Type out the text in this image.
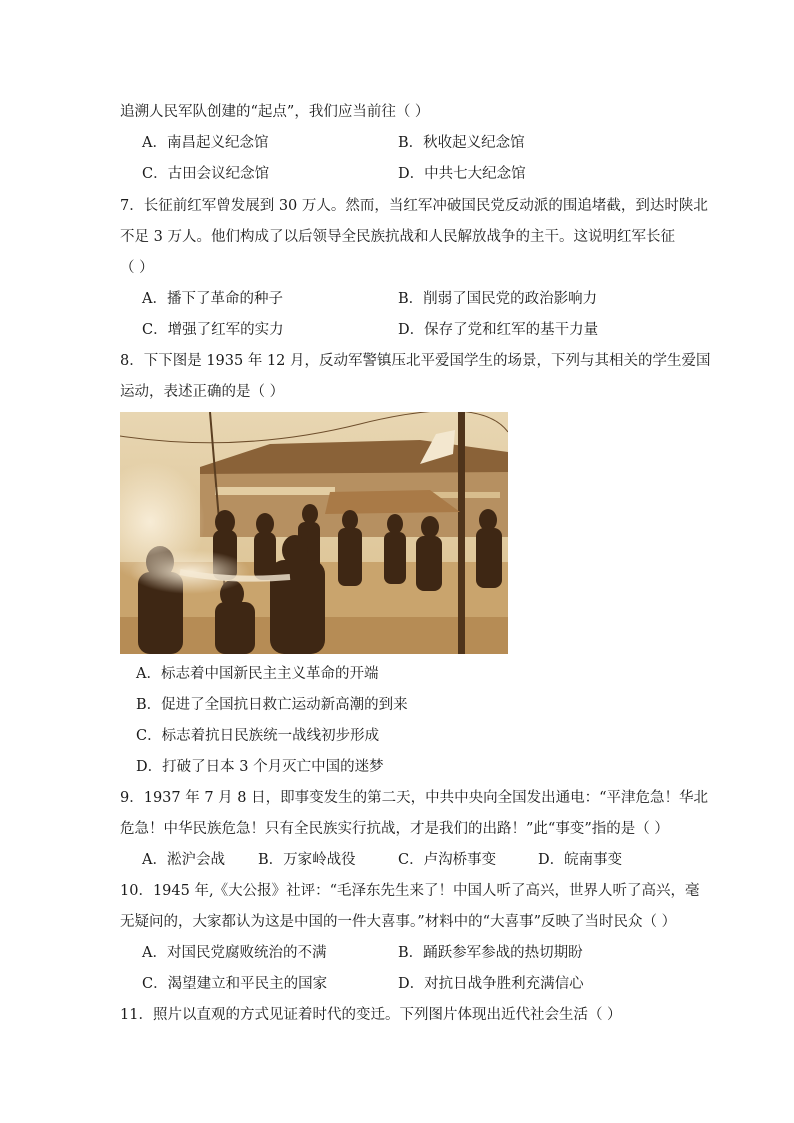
追溯人民军队创建的“起点”，我们应当前往（ ）
A．南昌起义纪念馆	B．秋收起义纪念馆
C．古田会议纪念馆	D．中共七大纪念馆
7．长征前红军曾发展到 30 万人。然而，当红军冲破国民党反动派的围追堵截，到达时陕北
不足 3 万人。他们构成了以后领导全民族抗战和人民解放战争的主干。这说明红军长征
（ ）
A．播下了革命的种子	B．削弱了国民党的政治影响力
C．增强了红军的实力	D．保存了党和红军的基干力量
8．下下图是 1935 年 12 月，反动军警镇压北平爱国学生的场景，下列与其相关的学生爱国
运动，表述正确的是（ ）
A．标志着中国新民主主义革命的开端
B．促进了全国抗日救亡运动新高潮的到来
C．标志着抗日民族统一战线初步形成
D．打破了日本 3 个月灭亡中国的迷梦
9．1937 年 7 月 8 日，即事变发生的第二天，中共中央向全国发出通电：“平津危急！华北
危急！中华民族危急！只有全民族实行抗战，才是我们的出路！”此“事变”指的是（ ）
A．淞沪会战 B．万家岭战役	C．卢沟桥事变	D．皖南事变
10．1945 年,《大公报》社评：“毛泽东先生来了！中国人听了高兴，世界人听了高兴，毫
无疑问的，大家都认为这是中国的一件大喜事。”材料中的“大喜事”反映了当时民众（ ）
A．对国民党腐败统治的不满	B．踊跃参军参战的热切期盼
C．渴望建立和平民主的国家	D．对抗日战争胜利充满信心
11．照片以直观的方式见证着时代的变迁。下列图片体现出近代社会生活（ ）
